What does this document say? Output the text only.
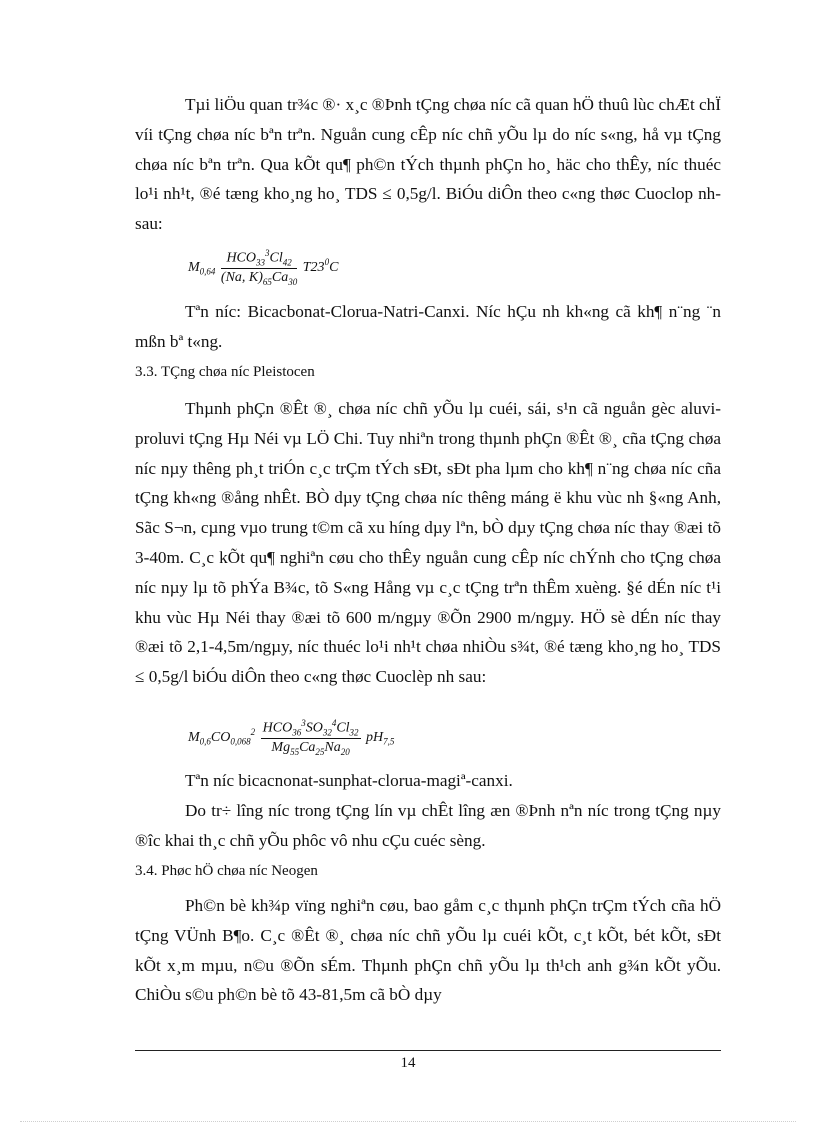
Tµi liÖu quan tr¾c ®· x¸c ®Þnh tÇng chøa níc cã quan hÖ thuû lùc chÆt chÏ víi tÇng chøa níc bªn trªn. Nguån cung cÊp níc chñ yÕu lµ do níc s«ng, hå vµ tÇng chøa níc bªn trªn. Qua kÕt qu¶ ph©n tÝch thµnh phÇn ho¸ häc cho thÊy, níc thuéc lo¹i nh¹t, ®é tæng kho¸ng ho¸ TDS ≤ 0,5g/l. BiÓu diÔn theo c«ng thøc Cuoclop nh sau:

$M_{0,64} \frac{HCO_{33}^3Cl_{42}}{(Na, K)_{65}Ca_{30}} T23^0C$

Tªn níc: Bicacbonat-Clorua-Natri-Canxi. Níc hÇu nh kh«ng cã kh¶ n¨ng ¨n mßn bª t«ng.

3.3. TÇng chøa níc Pleistocen

Thµnh phÇn ®Êt ®¸ chøa níc chñ yÕu lµ cuéi, sái, s¹n cã nguån gèc aluvi-proluvi tÇng Hµ Néi vµ LÖ Chi. Tuy nhiªn trong thµnh phÇn ®Êt ®¸ cña tÇng chøa níc nµy thêng ph¸t triÓn c¸c trÇm tÝch sÐt, sÐt pha lµm cho kh¶ n¨ng chøa níc cña tÇng kh«ng ®ång nhÊt. BÒ dµy tÇng chøa níc thêng máng ë khu vùc nh §«ng Anh, Sãc S¬n, cµng vµo trung t©m cã xu híng dµy lªn, bÒ dµy tÇng chøa níc thay ®æi tõ 3-40m. C¸c kÕt qu¶ nghiªn cøu cho thÊy nguån cung cÊp níc chÝnh cho tÇng chøa níc nµy lµ tõ phÝa B¾c, tõ S«ng Hång vµ c¸c tÇng trªn thÊm xuèng. §é dÉn níc t¹i khu vùc Hµ Néi thay ®æi tõ 600 m/ngµy ®Õn 2900 m/ngµy. HÖ sè dÉn níc thay ®æi tõ 2,1-4,5m/ngµy, níc thuéc lo¹i nh¹t chøa nhiÒu s¾t, ®é tæng kho¸ng ho¸ TDS ≤ 0,5g/l biÓu diÔn theo c«ng thøc Cuoclèp nh sau:

$M_{0,6}CO_{0,068}^2 \frac{HCO_{36}^3SO_{32}^4Cl_{32}}{Mg_{55}Ca_{25}Na_{20}} pH_{7,5}$

Tªn níc bicacnonat-sunphat-clorua-magiª-canxi.

Do tr÷ lîng níc trong tÇng lín vµ chÊt lîng æn ®Þnh nªn níc trong tÇng nµy ®îc khai th¸c chñ yÕu phôc vô nhu cÇu cuéc sèng.

3.4. Phøc hÖ chøa níc Neogen

Ph©n bè kh¾p vïng nghiªn cøu, bao gåm c¸c thµnh phÇn trÇm tÝch cña hÖ tÇng VÜnh B¶o. C¸c ®Êt ®¸ chøa níc chñ yÕu lµ cuéi kÕt, c¸t kÕt, bét kÕt, sÐt kÕt x¸m mµu, n©u ®Õn sÉm. Thµnh phÇn chñ yÕu lµ th¹ch anh g¾n kÕt yÕu. ChiÒu s©u ph©n bè tõ 43-81,5m cã bÒ dµy

14
